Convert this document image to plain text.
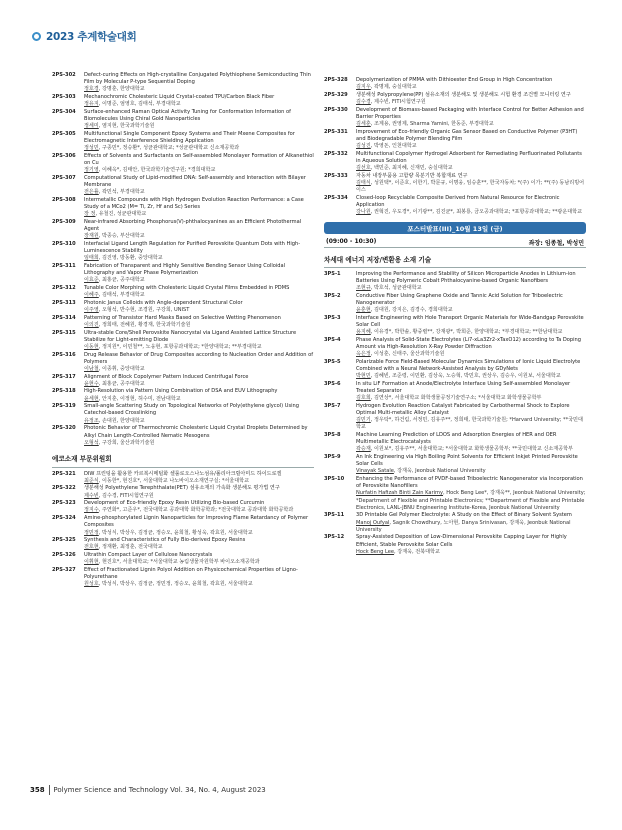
2023 추계학술대회
2PS-302	Defect-curing Effects on High-crystalline Conjugated Polythiophene Semiconducting Thin Film by Molecular P-type Sequential Doping
정호경, 강명훈, 한양대학교
2PS-303	Mechanochromic Cholesteric Liquid Crystal-coated TPU/Carbon Black Fiber
정유지, 이명준, 엄영호, 김태석, 부경대학교
2PS-304	Surface-enhanced Raman Optical Activity Tuning for Conformation Information of Biomolecules Using Chiral Gold Nanoparticles
정세미, 염지현, 한국과학기술원
2PS-305	Multifunctional Single Component Epoxy Systems and Their Mxene Composites for Electromagnetic Interference Shielding Application
정성민, 구종민*, 정승환*, 성균관대학교; *성균관대학교 신소재공학과
2PS-306	Effects of Solvents and Surfactants on Self-assembled Monolayer Formation of Alkanethiol on Cu
정기영, 이혜옥*, 김태안, 한국과학기술연구원; *경희대학교
2PS-307	Computational Study of Lipid-modified DNA: Self-assembly and Interaction with Bilayer Membrane
전은률, 곽민석, 부경대학교
2PS-308	Intermetallic Compounds with High Hydrogen Evolution Reaction Performance: a Case Study of a MCo2 (M= Ti, Zr, Hf and Sc) Series
장 정, 유철진, 성균관대학교
2PS-309	Near-infrared Absorbing Phosphorus(V)-phthalocyanines as an Efficient Photothermal Agent
장재원, 박종승, 부산대학교
2PS-310	Interfacial Ligand Length Regulation for Purified Perovskite Quantum Dots with High-Luminescence Stability
임태희, 김진영, 방동환, 중앙대학교
2PS-311	Fabrication of Transparent and Highly Sensitive Bending Sensor Using Colloidal Lithography and Vapor Phase Polymerization
이효준, 최홍균, 공주대학교
2PS-312	Tunable Color Morphing with Cholesteric Liquid Crystal Films Embedded in PDMS
이혜주, 김태석, 부경대학교
2PS-313	Photonic Janus Colloids with Angle-dependent Structural Color
이주영, 오형석, 반수현, 조경원, 구강희, UNIST
2PS-314	Patterning of Transistor Hard Masks Based on Selective Wetting Phenomenon
이의진, 정희태, 전혜원, 황경재, 한국과학기술원
2PS-315	Ultra-stable Core/Shell Perovskite Nanocrystal via Ligand Assisted Lattice Structure Stabilize for Light-emitting Diode
이동현, 정지원*, 이민철**, 노웅현, 포항공과대학교; *한양대학교; **부경대학교
2PS-316	Drug Release Behavior of Drug Composites according to Nucleation Order and Addition of Polymers
이남철, 이종휘, 중앙대학교
2PS-317	Alignment of Block Copolymer Pattern Induced Centrifugal Force
윤현수, 최홍균, 공주대학교
2PS-318	High-Resolution via Pattern Using Combination of DSA and EUV Lithography
윤세현, 안지훈, 이정현, 허수미, 전남대학교
2PS-319	Small-angle Scattering Study on Topological Networks of Poly(ethylene glycol) Using Catechol-based Crosslinking
유정조, 손대원, 한양대학교
2PS-320	Photonic Behavior of Thermochromic Cholesteric Liquid Crystal Droplets Determined by Alkyl Chain Length-Controlled Nematic Mesogens
오형석, 구강희, 울산과학기술원
에코소재 부문위원회
2PS-321	DIW 프린팅을 활용한 카르복시메틸화 셀룰로오스나노섬유/폴리아크릴아미드 하이드로겔
최준식, 이동한*, 현진호*, 서울대학교 나노바이오소재연구실; *서울대학교
2PS-322	생분해성 Polyethylene Terephthalate(PET) 섬유소재의 가속화 생분해도 평가법 연구
제수빈, 김수경, FITI시험연구원
2PS-323	Development of Eco-friendly Epoxy Resin Utilizing Bio-based Curcumin
정지수, 주연화*, 고준우*, 전국대학교 공과대학 화학공학과; *전국대학교 공과대학 화학공학과
2PS-324	Amine-phosphorylated Lignin Nanoparticles for Improving Flame Retardancy of Polymer Composites
정민정, 박성식, 박상우, 김정균, 정승오, 윤희철, 황성욱, 곽효원, 서울대학교
2PS-325	Synthesis and Characteristics of Fully Bio-derived Epoxy Resins
전호현, 정재환, 최정훈, 전국대학교
2PS-326	Ultrathin Compact Layer of Cellulose Nanocrystals
이휘현, 현진호*, 서울대학교; *서울대학교 농림생물자원학부 바이오소재공학과
2PS-327	Effect of Fractionated Lignin Polyol Addition on Physicochemical Properties of Ligno-Polyurethane
원성호, 박성식, 박상우, 김정균, 정민정, 정승오, 윤희철, 곽효원, 서울대학교
2PS-328	Depolymerization of PMMA with Dithioester End Group in High Concentration
김지우, 곽명제, 숭실대학교
2PS-329	생분해성 Polypropylene(PP) 섬유소재의 생분해도 및 생분해도 시험 환경 조건별 모니터링 연구
김수경, 제수빈, FITI시험연구원
2PS-330	Development of Biomass-based Packaging with Interface Control for Better Adhesion and Barrier Properties
김세훈, 조계용, 권영제, Sharma Yamini, 한동준, 부경대학교
2PS-331	Improvement of Eco-friendly Organic Gas Sensor Based on Conductive Polymer (P3HT) and Biodegradable Polymer Blending Film
김성진, 박영돈, 인천대학교
2PS-332	Multifunctional Copolymer Hydrogel Adsorbent for Remediating Perfluorinated Pollutants in Aqueous Solution
김선호, 백민준, 최지혜, 신재민, 숭실대학교
2PS-333	자동차 내장부품용 고함량 목분기반 복합재료 연구
김태식, 성원택*, 이준호, 이한기, 박문규, 이명웅, 임승훈**, 한국자동차; *(주) 이가; **(주) 동남리빙어이스
2PS-334	Closed-loop Recyclable Composite Derived from Natural Resource for Electronic Application
강나원, 권혁진, 우도경*, 이기광**, 김진균*, 최봉룡, 금오공과대학교; *포항공과대학교; **광운대학교
포스터발표(III)_10월 13일 (금)
(09:00 - 10:30)	좌장: 임종철, 박성민
차세대 에너지 저장/변환용 소재 기술
3PS-1	Improving the Performance and Stability of Silicon Microparticle Anodes in Lithium-ion Batteries Using Polymeric Cobalt Phthalocyanine-based Organic Nanofibers
조현규, 박호석, 성균관대학교
3PS-2	Conductive Fiber Using Graphene Oxide and Tannic Acid Solution for Triboelectric Nanogenerator
윤훈현, 김대원, 강지은, 김경수, 경희대학교
3PS-3	Interface Engineering with Hole Transport Organic Materials for Wide-Bandgap Perovskite Solar Cell
용지혜, 이유경*, 박한솔, 황중렬**, 강재광*, 박희준, 한양대학교; *부경대학교; **한남대학교
3PS-4	Phase Analysis of Solid-State Electrolytes (Li7-xLa3Zr2-xTaxO12) according to Ta Doping Amount via High-Resolution X-Ray Powder Diffraction
옥은정, 이성훈, 신태주, 울산과학기술원
3PS-5	Polarizable Force Field-Based Molecular Dynamics Simulations of Ionic Liquid Electrolyte Combined with a Neural Network-Assisted Analysis by GDyNets
박현민, 김혜빈, 조준령, 이민환, 김상욱, 노승혁, 박민호, 권상우, 김승우, 이원보, 서울대학교
3PS-6	In situ LiF Formation at Anode/Electrolyte Interface Using Self-assembled Monolayer Treated Separator
김호희, 김연상*, 서울대학교 화학생물공정기술연구소; *서울대학교 화학생물공학부
3PS-7	Hydrogen Evolution Reaction Catalyst Fabricated by Carbothermal Shock to Explore Optimal Multi-metallic Alloy Catalyst
김민기, 정우탁*, 하건림, 서정민, 김유주**, 정희태, 한국과학기술원; *Harvard University; **국민대학교
3PS-8	Machine Learning Prediction of LDOS and Adsorption Energies of HER and OER Multimetallic Electrocatalysts
곽승재, 이원보*, 김유주**, 서울대학교; *서울대학교 화학생물공학부; **국민대학교 신소재공학부
3PS-9	An Ink Engineering via High Boiling Point Solvents for Efficient Inkjet Printed Perovskite Solar Cells
Vinayak Satale, 강재욱, Jeonbuk National University
3PS-10	Enhancing the Performance of PVDF-based Triboelectric Nanogenerator via Incorporation of Perovskite Nanofillers
Nurfatin Hafizah Binti Zain Karimy, Hock Beng Lee*, 강재욱**, Jeonbuk National University; *Department of Flexible and Printable Electronics; **Department of Flexible and Printable Electronics, LANL-JBNU Engineering Institute-Korea, Jeonbuk National University
3PS-11	3D Printable Gel Polymer Electrolyte: A Study on the Effect of Binary Solvent System
Manoj Oufyal, Sagnik Chowdhury, 노아현, Danya Srinivasan, 강재욱, Jeonbuk National University
3PS-12	Spray-Assisted Deposition of Low-Dimensional Perovskite Capping Layer for Highly Efficient, Stable Perovskite Solar Cells
Hock Beng Lee, 강재욱, 전북대학교
358 Polymer Science and Technology Vol. 34, No. 4, August 2023
